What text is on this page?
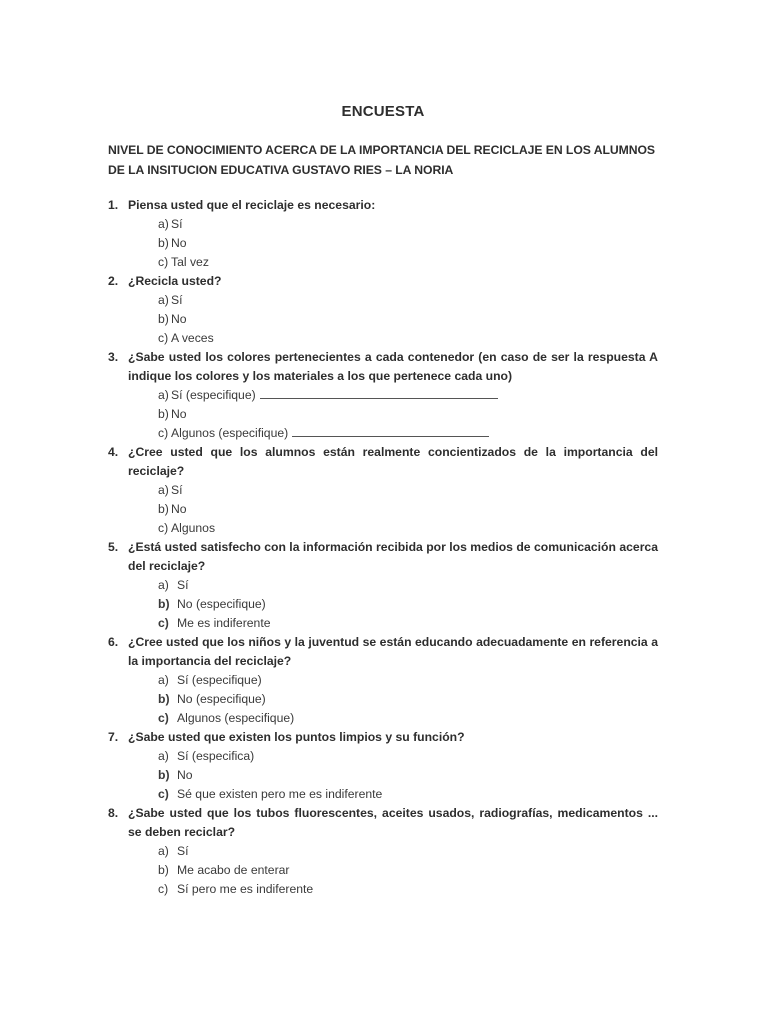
ENCUESTA
NIVEL DE CONOCIMIENTO ACERCA DE LA IMPORTANCIA DEL RECICLAJE EN LOS ALUMNOS DE LA INSITUCION EDUCATIVA GUSTAVO RIES – LA NORIA
1. Piensa usted que el reciclaje es necesario:
a) Sí
b) No
c) Tal vez
2. ¿Recicla usted?
a) Sí
b) No
c) A veces
3. ¿Sabe usted los colores pertenecientes a cada contenedor (en caso de ser la respuesta A indique los colores y los materiales a los que pertenece cada uno)
a) Sí (especifique)
b) No
c) Algunos (especifique)
4. ¿Cree usted que los alumnos están realmente concientizados de la importancia del reciclaje?
a) Sí
b) No
c) Algunos
5. ¿Está usted satisfecho con la información recibida por los medios de comunicación acerca del reciclaje?
a) Sí
b) No (especifique)
c) Me es indiferente
6. ¿Cree usted que los niños y la juventud se están educando adecuadamente en referencia a la importancia del reciclaje?
a) Sí (especifique)
b) No (especifique)
c) Algunos (especifique)
7. ¿Sabe usted que existen los puntos limpios y su función?
a) Sí (especifica)
b) No
c) Sé que existen pero me es indiferente
8. ¿Sabe usted que los tubos fluorescentes, aceites usados, radiografías, medicamentos ... se deben reciclar?
a) Sí
b) Me acabo de enterar
c) Sí pero me es indiferente
